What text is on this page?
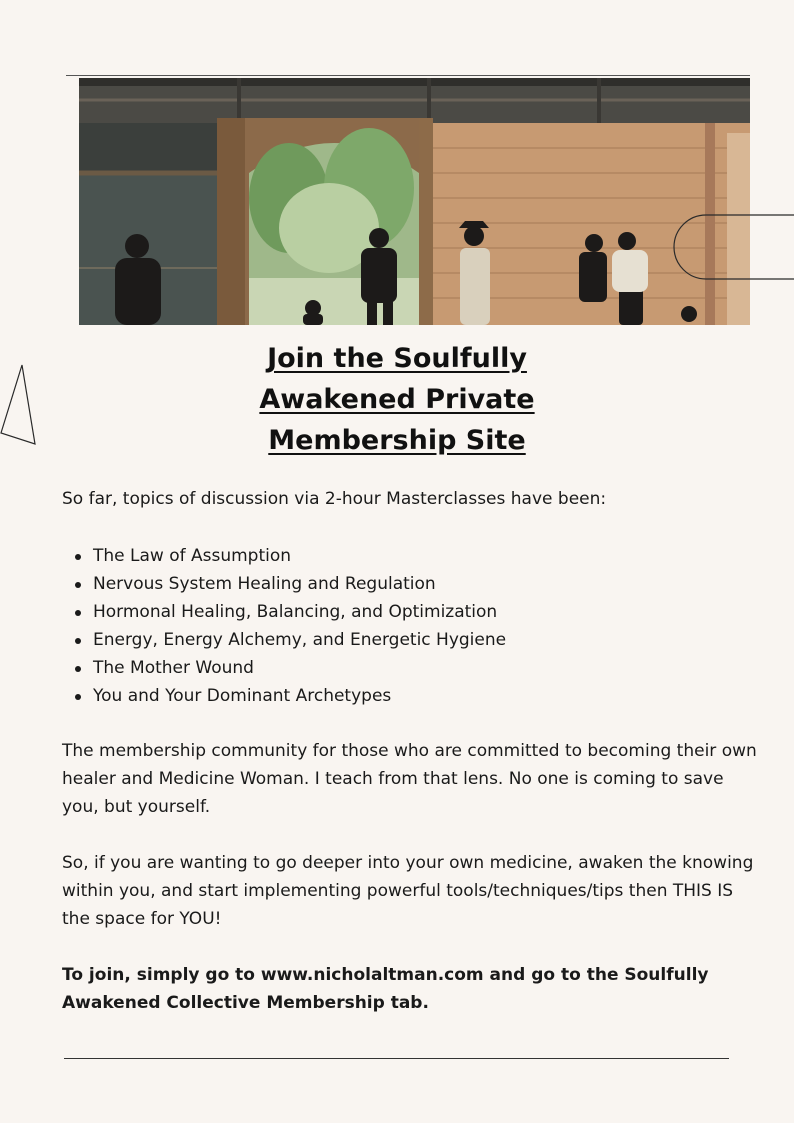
Join the Soulfully
Awakened Private
Membership Site

So far, topics of discussion via 2-hour Masterclasses have been:

The Law of Assumption
Nervous System Healing and Regulation
Hormonal Healing, Balancing, and Optimization
Energy, Energy Alchemy, and Energetic Hygiene
The Mother Wound
You and Your Dominant Archetypes

The membership community for those who are committed to becoming their own healer and Medicine Woman. I teach from that lens. No one is coming to save you, but yourself.

So, if you are wanting to go deeper into your own medicine, awaken the knowing within you, and start implementing powerful tools/techniques/tips then THIS IS the space for YOU!

To join, simply go to www.nicholaltman.com and go to the Soulfully Awakened Collective Membership tab.
